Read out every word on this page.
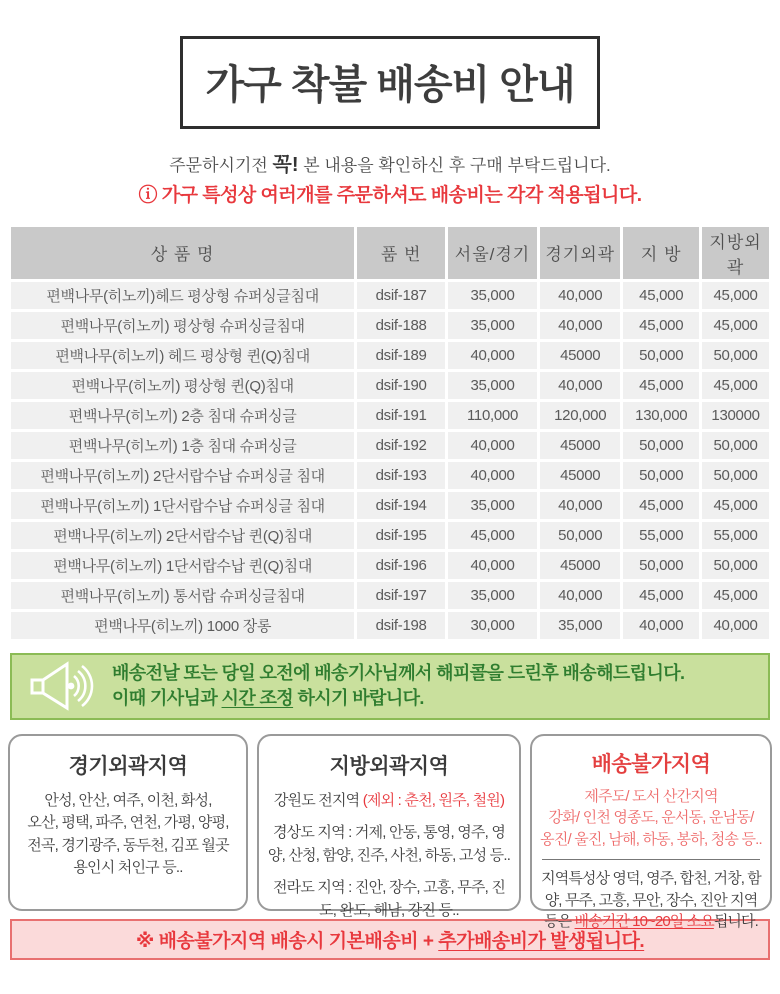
가구 착불 배송비 안내
주문하시기전 꼭! 본 내용을 확인하신 후 구매 부탁드립니다.
ⓘ 가구 특성상 여러개를 주문하셔도 배송비는 각각 적용됩니다.
상 품 명	품 번	서울/경기	경기외곽	지 방	지방외곽
편백나무(히노끼)헤드 평상형 슈퍼싱글침대	dsif-187	35,000	40,000	45,000	45,000
편백나무(히노끼) 평상형 슈퍼싱글침대	dsif-188	35,000	40,000	45,000	45,000
편백나무(히노끼) 헤드 평상형 퀸(Q)침대	dsif-189	40,000	45000	50,000	50,000
편백나무(히노끼) 평상형 퀸(Q)침대	dsif-190	35,000	40,000	45,000	45,000
편백나무(히노끼) 2층 침대 슈퍼싱글	dsif-191	110,000	120,000	130,000	130000
편백나무(히노끼) 1층 침대 슈퍼싱글	dsif-192	40,000	45000	50,000	50,000
편백나무(히노끼) 2단서랍수납 슈퍼싱글 침대	dsif-193	40,000	45000	50,000	50,000
편백나무(히노끼) 1단서랍수납 슈퍼싱글 침대	dsif-194	35,000	40,000	45,000	45,000
편백나무(히노끼) 2단서랍수납 퀸(Q)침대	dsif-195	45,000	50,000	55,000	55,000
편백나무(히노끼) 1단서랍수납 퀸(Q)침대	dsif-196	40,000	45000	50,000	50,000
편백나무(히노끼) 통서랍 슈퍼싱글침대	dsif-197	35,000	40,000	45,000	45,000
편백나무(히노끼) 1000 장롱	dsif-198	30,000	35,000	40,000	40,000
배송전날 또는 당일 오전에 배송기사님께서 해피콜을 드린후 배송해드립니다.
이때 기사님과 시간 조정 하시기 바랍니다.
경기외곽지역
안성, 안산, 여주, 이천, 화성,
오산, 평택, 파주, 연천, 가평, 양평,
전곡, 경기광주, 동두천, 김포 월곳
용인시 처인구 등..
지방외곽지역
강원도 전지역 (제외 : 춘천, 원주, 철원)
경상도 지역 : 거제, 안동, 통영, 영주, 영양, 산청, 함양, 진주, 사천, 하동, 고성 등..
전라도 지역 : 진안, 장수, 고흥, 무주, 진도, 완도, 해남, 강진 등..
배송불가지역
제주도/ 도서 산간지역
강화/ 인천 영종도, 운서동, 운남동/
옹진/ 울진, 남해, 하동, 봉하, 청송 등..
지역특성상 영덕, 영주, 합천, 거창, 함양, 무주, 고흥, 무안, 장수, 진안 지역 등은 배송기간 10~20일 소요됩니다.
※ 배송불가지역 배송시 기본배송비 + 추가배송비가 발생됩니다.
